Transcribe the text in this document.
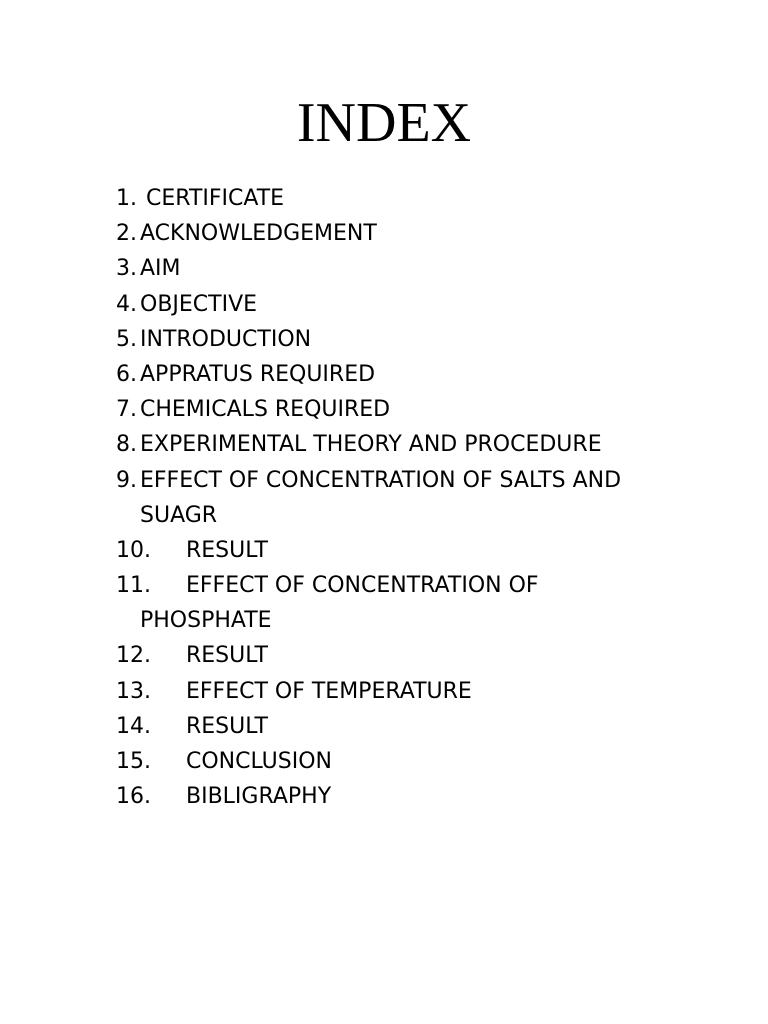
INDEX
1. CERTIFICATE
2. ACKNOWLEDGEMENT
3. AIM
4. OBJECTIVE
5. INTRODUCTION
6. APPRATUS REQUIRED
7. CHEMICALS REQUIRED
8. EXPERIMENTAL THEORY AND PROCEDURE
9. EFFECT OF CONCENTRATION OF SALTS AND
SUAGR
10.	RESULT
11.	EFFECT OF CONCENTRATION OF
PHOSPHATE
12.	RESULT
13.	EFFECT OF TEMPERATURE
14.	RESULT
15.	CONCLUSION
16.	BIBLIGRAPHY
